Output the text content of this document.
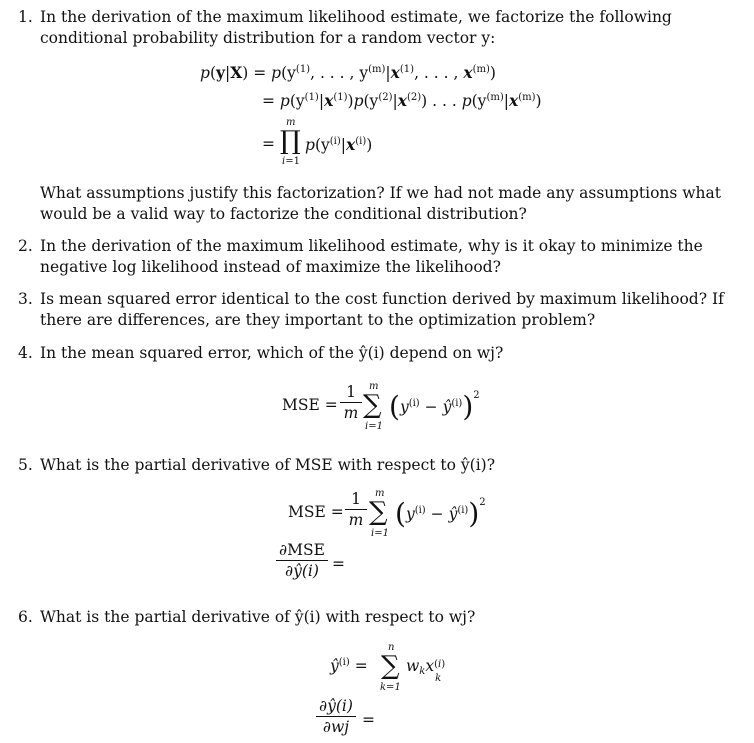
1. In the derivation of the maximum likelihood estimate, we factorize the following conditional probability distribution for a random vector y:
$p(y|X) = p(y^{(1)}$, . . . , $y^{(m)}|x^{(1)}$, . . . , $x^{(m)}$)
= $p(y^{(1)}|x^{(1)})p(y^{(2)}|x^{(2)})$ . . . $p(y^{(m)}|x^{(m)})$
m
= ∏ $p(y^{(i)}|x^{(i)})$
i=1
What assumptions justify this factorization? If we had not made any assumptions what would be a valid way to factorize the conditional distribution?
2. In the derivation of the maximum likelihood estimate, why is it okay to minimize the negative log likelihood instead of maximize the likelihood?
3. Is mean squared error identical to the cost function derived by maximum likelihood? If there are differences, are they important to the optimization problem?
4. In the mean squared error, which of the ŷ(i) depend on wj?
MSE =
1
m
m
∑
i=1
($y^{(i)}$ − $ŷ^{(i)})^2$
5. What is the partial derivative of MSE with respect to ŷ(i)?
MSE =
1
m
m
∑
i=1
($y^{(i)}$ − $ŷ^{(i)})^2$
∂MSE
∂ŷ(i) =
6. What is the partial derivative of ŷ(i) with respect to wj?
$ŷ^{(i)}$ =
n
∑
k=1
$w_kx$ (i)
k
∂ŷ(i)
∂wj =
